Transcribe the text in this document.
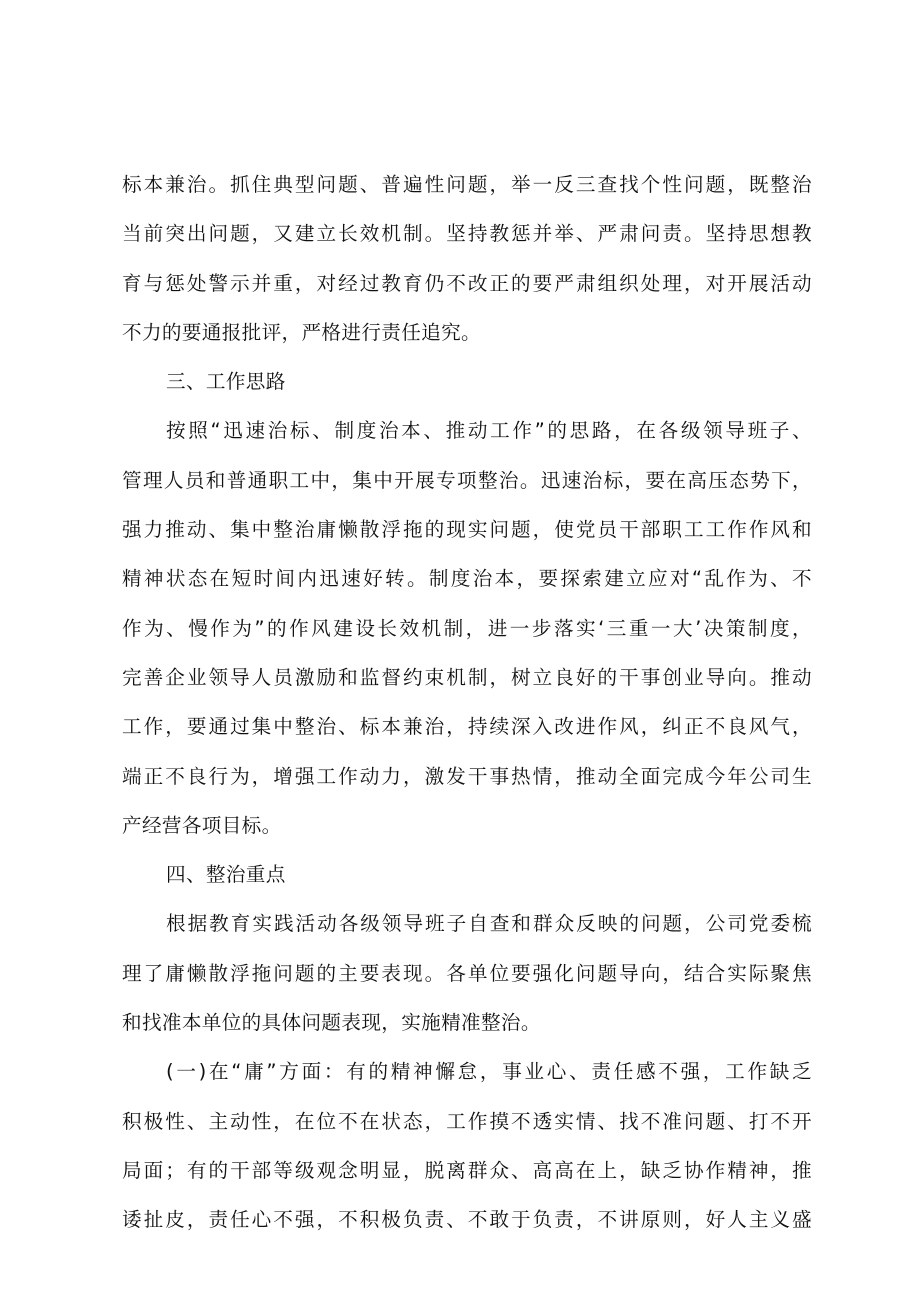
标本兼治。抓住典型问题、普遍性问题，举一反三查找个性问题，既整治
当前突出问题，又建立长效机制。坚持教惩并举、严肃问责。坚持思想教
育与惩处警示并重，对经过教育仍不改正的要严肃组织处理，对开展活动
不力的要通报批评，严格进行责任追究。
三、工作思路
按照“迅速治标、制度治本、推动工作”的思路，在各级领导班子、
管理人员和普通职工中，集中开展专项整治。迅速治标，要在高压态势下，
强力推动、集中整治庸懒散浮拖的现实问题，使党员干部职工工作作风和
精神状态在短时间内迅速好转。制度治本，要探索建立应对“乱作为、不
作为、慢作为”的作风建设长效机制，进一步落实‘三重一大’决策制度，
完善企业领导人员激励和监督约束机制，树立良好的干事创业导向。推动
工作，要通过集中整治、标本兼治，持续深入改进作风，纠正不良风气，
端正不良行为，增强工作动力，激发干事热情，推动全面完成今年公司生
产经营各项目标。
四、整治重点
根据教育实践活动各级领导班子自查和群众反映的问题，公司党委梳
理了庸懒散浮拖问题的主要表现。各单位要强化问题导向，结合实际聚焦
和找准本单位的具体问题表现，实施精准整治。
(一)在“庸”方面：有的精神懈怠，事业心、责任感不强，工作缺乏
积极性、主动性，在位不在状态，工作摸不透实情、找不准问题、打不开
局面；有的干部等级观念明显，脱离群众、高高在上，缺乏协作精神，推
诿扯皮，责任心不强，不积极负责、不敢于负责，不讲原则，好人主义盛
